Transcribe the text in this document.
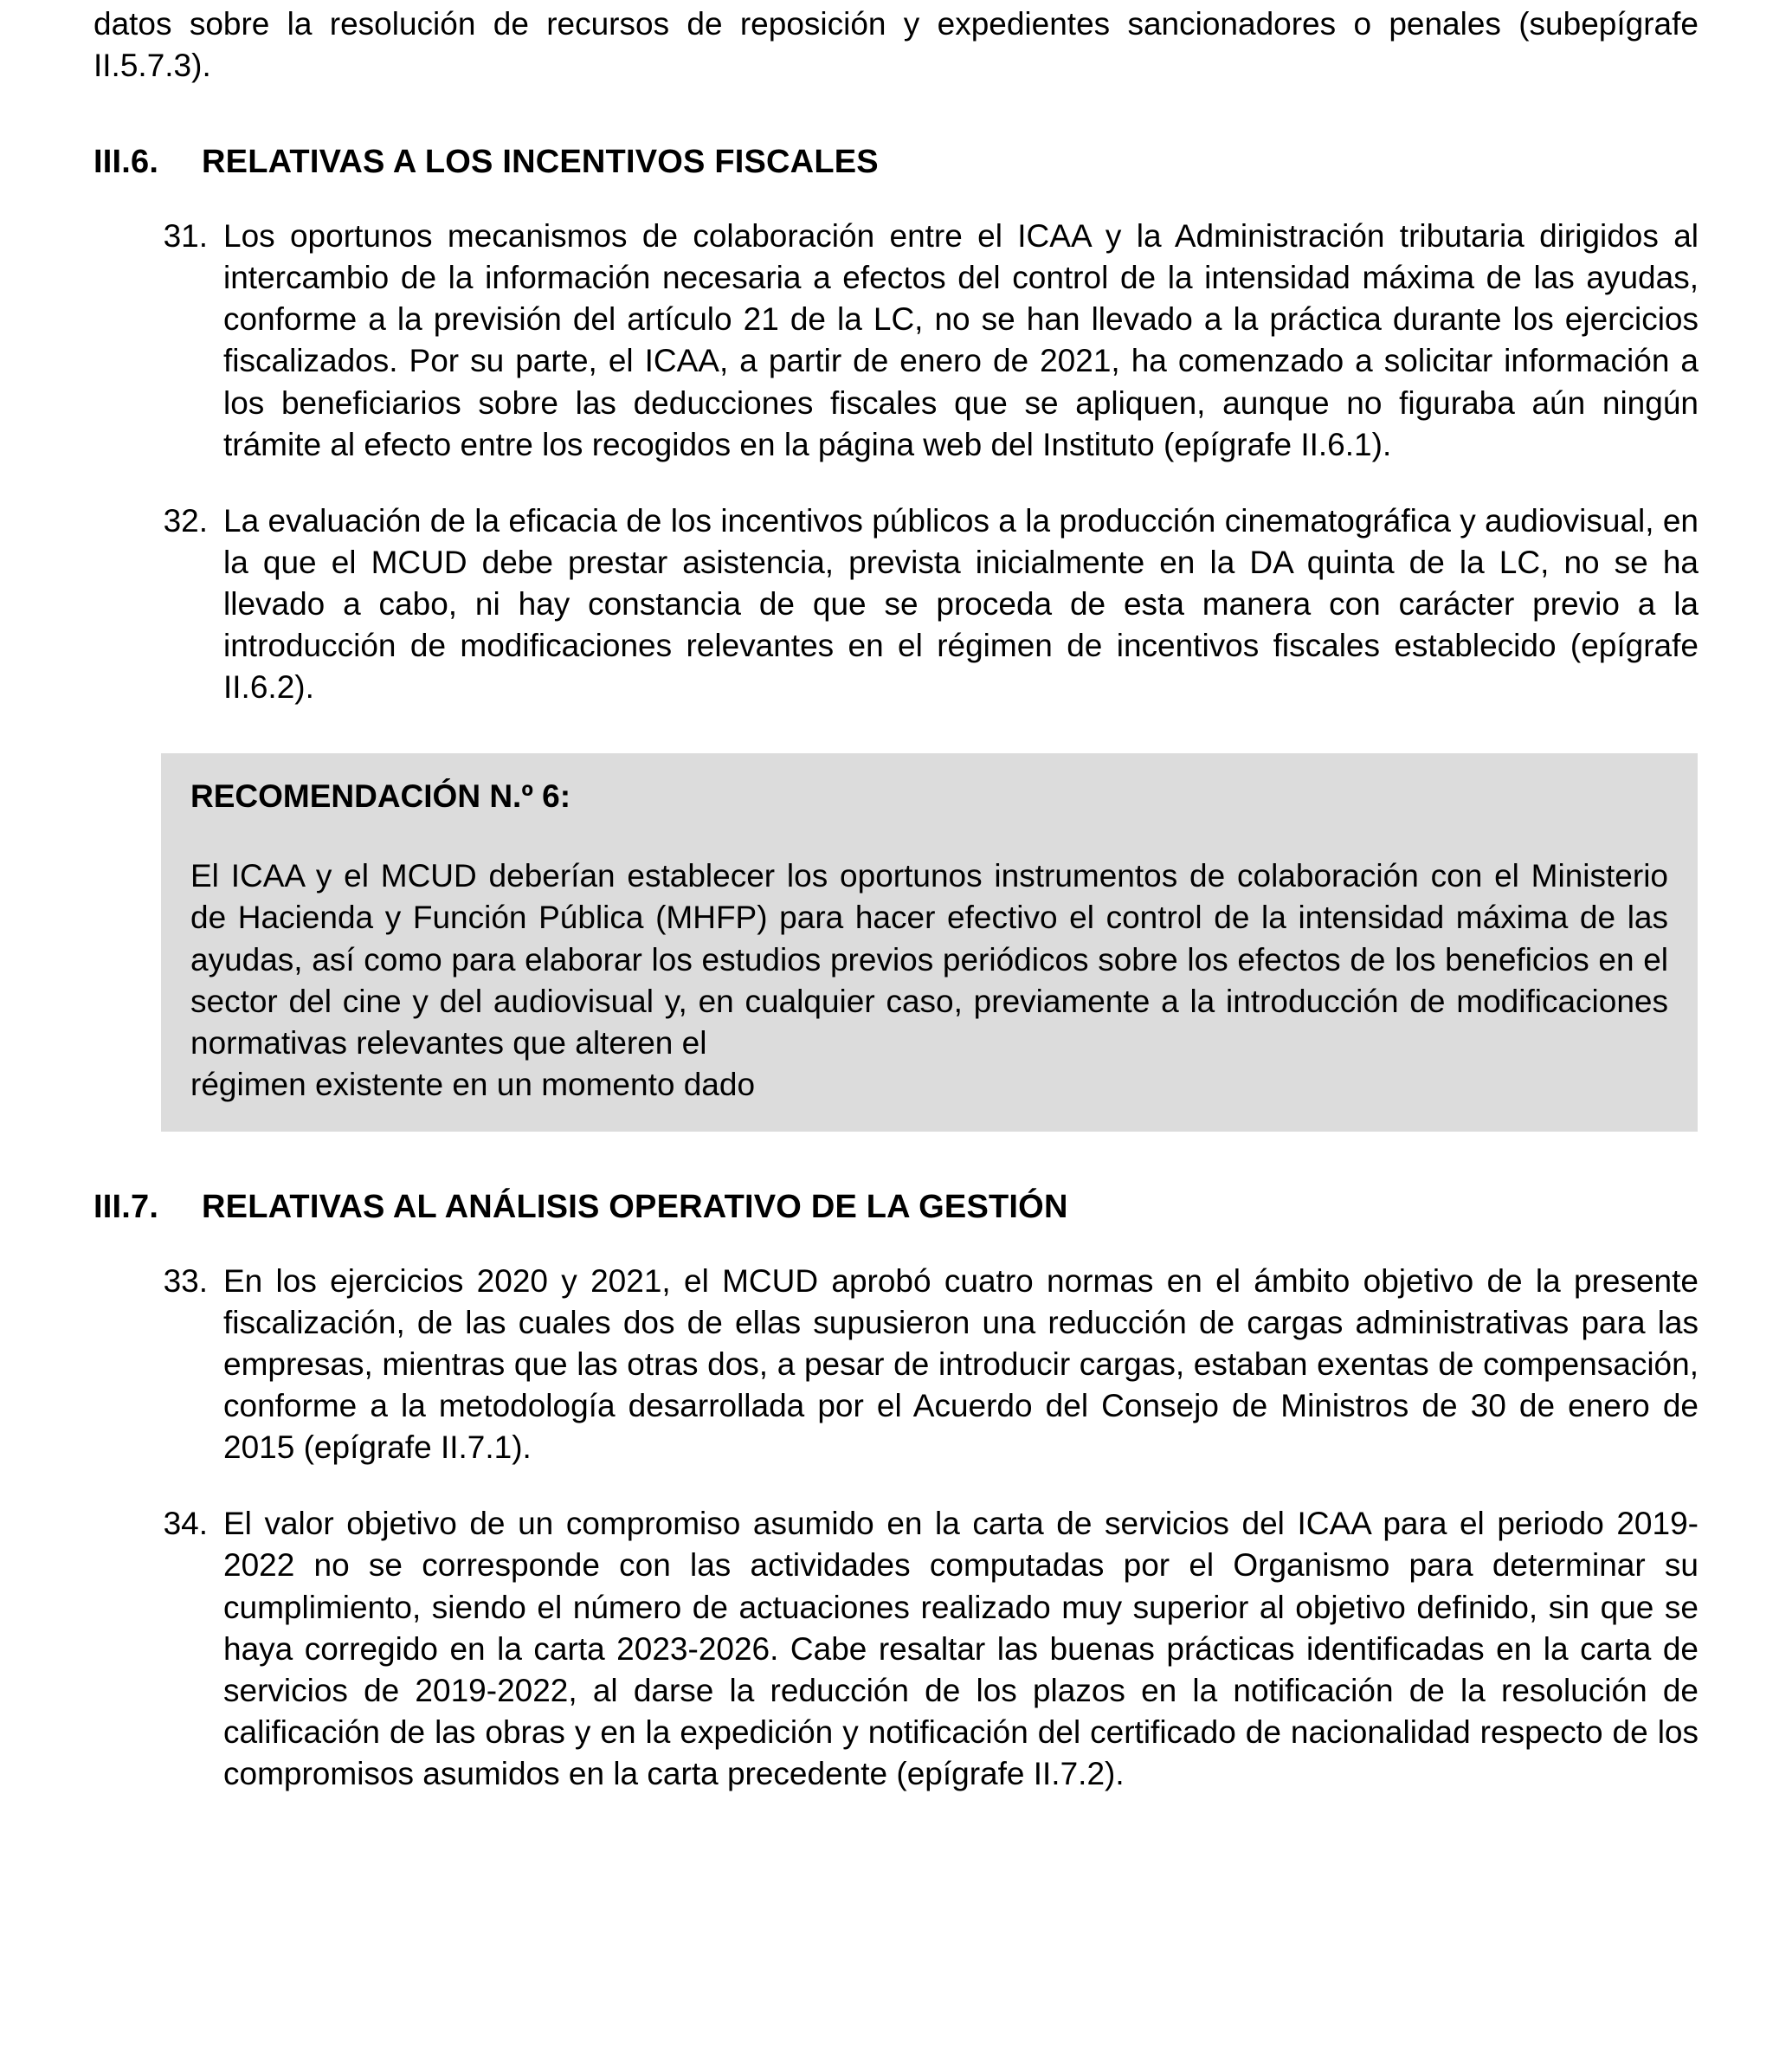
datos sobre la resolución de recursos de reposición y expedientes sancionadores o penales (subepígrafe II.5.7.3).

III.6.	RELATIVAS A LOS INCENTIVOS FISCALES
31. Los oportunos mecanismos de colaboración entre el ICAA y la Administración tributaria dirigidos al intercambio de la información necesaria a efectos del control de la intensidad máxima de las ayudas, conforme a la previsión del artículo 21 de la LC, no se han llevado a la práctica durante los ejercicios fiscalizados. Por su parte, el ICAA, a partir de enero de 2021, ha comenzado a solicitar información a los beneficiarios sobre las deducciones fiscales que se apliquen, aunque no figuraba aún ningún trámite al efecto entre los recogidos en la página web del Instituto (epígrafe II.6.1).
32. La evaluación de la eficacia de los incentivos públicos a la producción cinematográfica y audiovisual, en la que el MCUD debe prestar asistencia, prevista inicialmente en la DA quinta de la LC, no se ha llevado a cabo, ni hay constancia de que se proceda de esta manera con carácter previo a la introducción de modificaciones relevantes en el régimen de incentivos fiscales establecido (epígrafe II.6.2).
RECOMENDACIÓN N.º 6:
El ICAA y el MCUD deberían establecer los oportunos instrumentos de colaboración con el Ministerio de Hacienda y Función Pública (MHFP) para hacer efectivo el control de la intensidad máxima de las ayudas, así como para elaborar los estudios previos periódicos sobre los efectos de los beneficios en el sector del cine y del audiovisual y, en cualquier caso, previamente a la introducción de modificaciones normativas relevantes que alteren el
régimen existente en un momento dado
III.7.	RELATIVAS AL ANÁLISIS OPERATIVO DE LA GESTIÓN
33. En los ejercicios 2020 y 2021, el MCUD aprobó cuatro normas en el ámbito objetivo de la presente fiscalización, de las cuales dos de ellas supusieron una reducción de cargas administrativas para las empresas, mientras que las otras dos, a pesar de introducir cargas, estaban exentas de compensación, conforme a la metodología desarrollada por el Acuerdo del Consejo de Ministros de 30 de enero de 2015 (epígrafe II.7.1).
34. El valor objetivo de un compromiso asumido en la carta de servicios del ICAA para el periodo 2019-2022 no se corresponde con las actividades computadas por el Organismo para determinar su cumplimiento, siendo el número de actuaciones realizado muy superior al objetivo definido, sin que se haya corregido en la carta 2023-2026. Cabe resaltar las buenas prácticas identificadas en la carta de servicios de 2019-2022, al darse la reducción de los plazos en la notificación de la resolución de calificación de las obras y en la expedición y notificación del certificado de nacionalidad respecto de los compromisos asumidos en la carta precedente (epígrafe II.7.2).
